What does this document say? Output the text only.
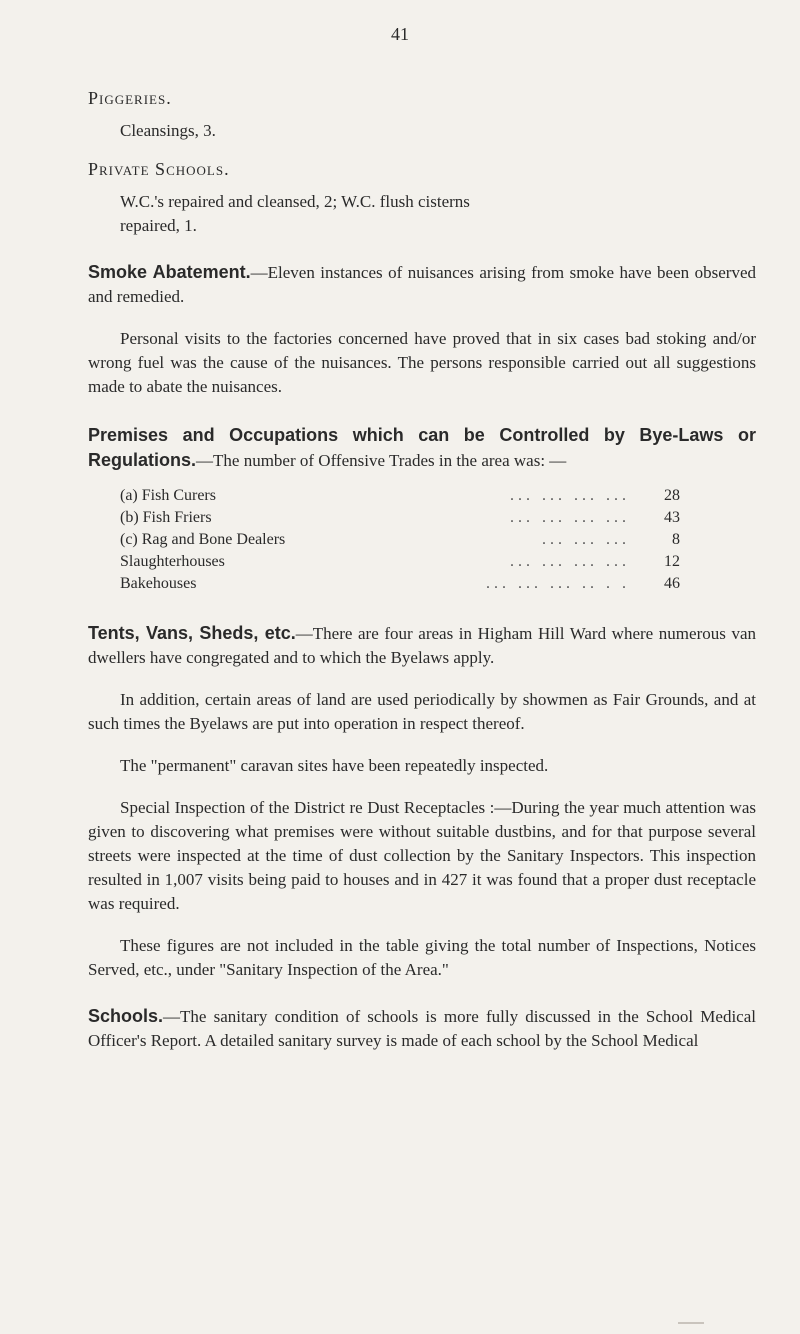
41

Piggeries.

Cleansings, 3.

Private Schools.

W.C.'s repaired and cleansed, 2; W.C. flush cisterns

repaired, 1.

Smoke Abatement.—Eleven instances of nuisances arising from smoke have been observed and remedied.

Personal visits to the factories concerned have proved that in six cases bad stoking and/or wrong fuel was the cause of the nuisances. The persons responsible carried out all suggestions made to abate the nuisances.

Premises and Occupations which can be Controlled by Bye-Laws or Regulations.—The number of Offensive Trades in the area was: —

(a) Fish Curers	... ... ... ...	28
(b) Fish Friers	... ... ... ...	43
(c) Rag and Bone Dealers	... ... ...	8
Slaughterhouses	... ... ... ...	12
Bakehouses	... ... ... .. . .	46

Tents, Vans, Sheds, etc.—There are four areas in Higham Hill Ward where numerous van dwellers have congregated and to which the Byelaws apply.

In addition, certain areas of land are used periodically by showmen as Fair Grounds, and at such times the Byelaws are put into operation in respect thereof.

The "permanent" caravan sites have been repeatedly inspected.

Special Inspection of the District re Dust Receptacles :—During the year much attention was given to discovering what premises were without suitable dustbins, and for that purpose several streets were inspected at the time of dust collection by the Sanitary Inspectors. This inspection resulted in 1,007 visits being paid to houses and in 427 it was found that a proper dust receptacle was required.

These figures are not included in the table giving the total number of Inspections, Notices Served, etc., under "Sanitary Inspection of the Area."

Schools.—The sanitary condition of schools is more fully discussed in the School Medical Officer's Report. A detailed sanitary survey is made of each school by the School Medical
